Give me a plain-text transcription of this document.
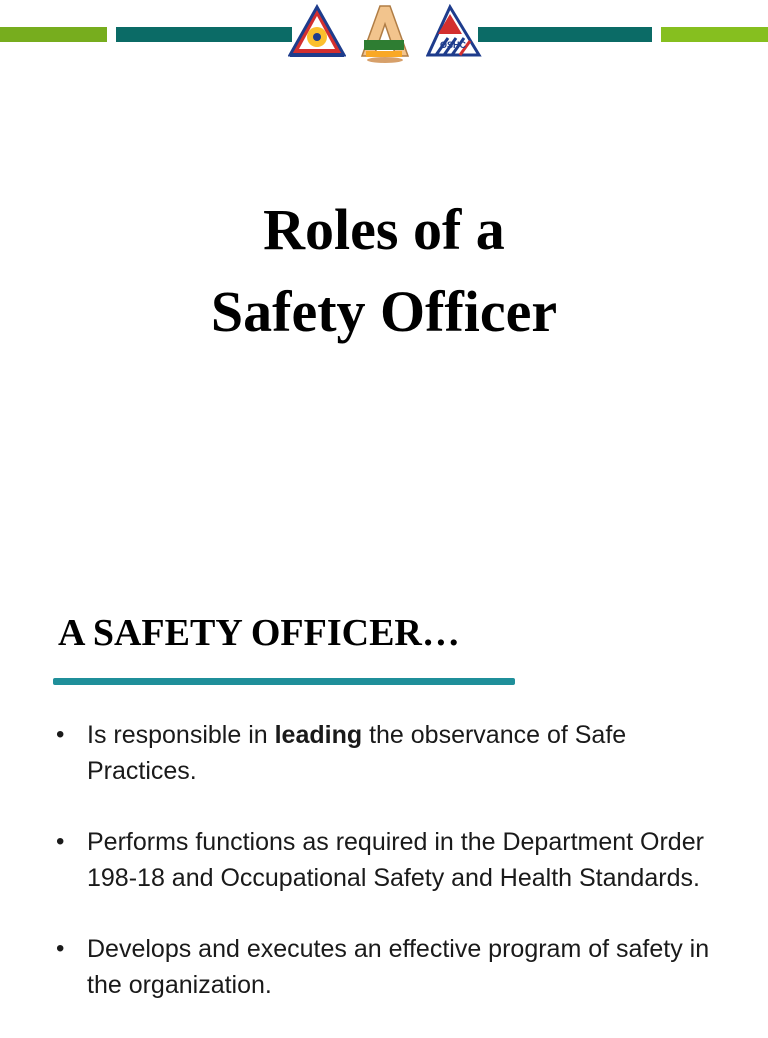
OSHC
Roles of a
Safety Officer
A SAFETY OFFICER…
• Is responsible in leading the observance of Safe Practices.
• Performs functions as required in the Department Order 198-18 and Occupational Safety and Health Standards.
• Develops and executes an effective program of safety in the organization.
